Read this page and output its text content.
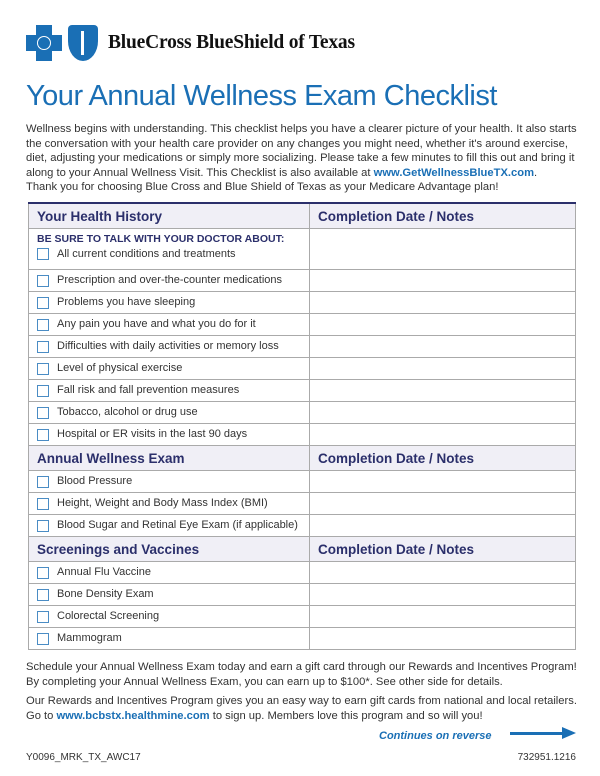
BlueCross BlueShield of Texas
Your Annual Wellness Exam Checklist

Wellness begins with understanding. This checklist helps you have a clearer picture of your health. It also starts the conversation with your health care provider on any changes you might need, whether it's around exercise, diet, adjusting your medications or simply more socializing. Please take a few minutes to fill this out and bring it along to your Annual Wellness Visit. This Checklist is also available at www.GetWellnessBlueTX.com.

Thank you for choosing Blue Cross and Blue Shield of Texas as your Medicare Advantage plan!

Your Health History	Completion Date / Notes

BE SURE TO TALK WITH YOUR DOCTOR ABOUT:
All current conditions and treatments	
Prescription and over-the-counter medications	
Problems you have sleeping	
Any pain you have and what you do for it	
Difficulties with daily activities or memory loss	
Level of physical exercise	
Fall risk and fall prevention measures	
Tobacco, alcohol or drug use	
Hospital or ER visits in the last 90 days	
Annual Wellness Exam	Completion Date / Notes
Blood Pressure	
Height, Weight and Body Mass Index (BMI)	
Blood Sugar and Retinal Eye Exam (if applicable)	
Screenings and Vaccines	Completion Date / Notes
Annual Flu Vaccine	
Bone Density Exam	
Colorectal Screening	
Mammogram	

Schedule your Annual Wellness Exam today and earn a gift card through our Rewards and Incentives Program! By completing your Annual Wellness Exam, you can earn up to $100*. See other side for details.

Our Rewards and Incentives Program gives you an easy way to earn gift cards from national and local retailers. Go to www.bcbstx.healthmine.com to sign up. Members love this program and so will you!

Continues on reverse
Y0096_MRK_TX_AWC17	732951.1216
